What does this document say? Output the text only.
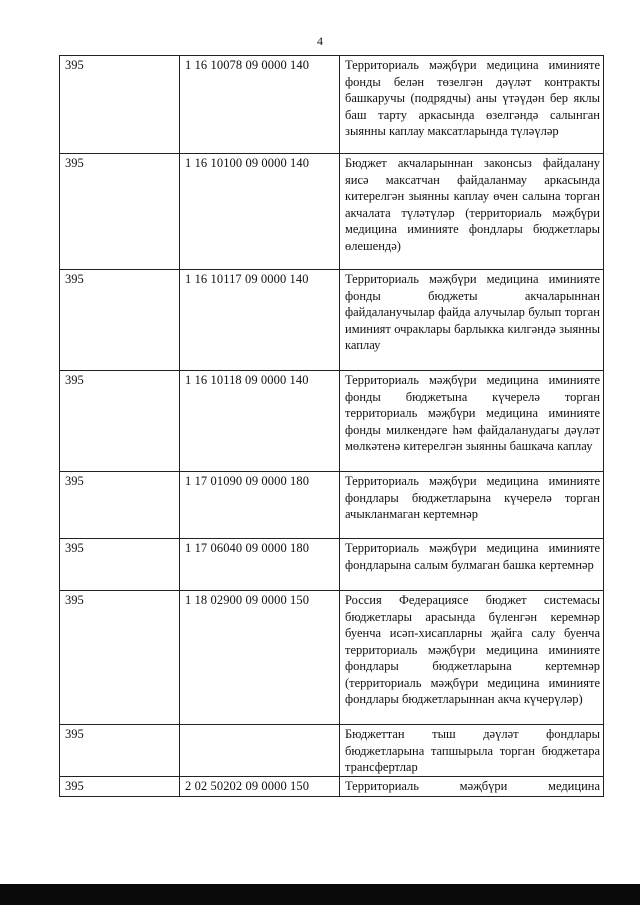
4
395	1 16 10078 09 0000 140	Территориаль мәҗбүри медицина иминияте фонды белән төзелгән дәүләт контракты башкаручы (подрядчы) аны үтәүдән бер яклы баш тарту аркасында өзелгәндә салынган зыянны каплау максатларында түләүләр
395	1 16 10100 09 0000 140	Бюджет акчаларыннан законсыз файдалану яисә максатчан файдаланмау аркасында китерелгән зыянны каплау өчен салына торган акчалата түләтүләр (территориаль мәҗбүри медицина иминияте фондлары бюджетлары өлешендә)
395	1 16 10117 09 0000 140	Территориаль мәҗбүри медицина иминияте фонды бюджеты акчаларыннан файдаланучылар файда алучылар булып торган иминият очраклары барлыкка килгәндә зыянны каплау
395	1 16 10118 09 0000 140	Территориаль мәҗбүри медицина иминияте фонды бюджетына күчерелә торган территориаль мәҗбүри медицина иминияте фонды милкендәге һәм файдаланудагы дәүләт мөлкәтенә китерелгән зыянны башкача каплау
395	1 17 01090 09 0000 180	Территориаль мәҗбүри медицина иминияте фондлары бюджетларына күчерелә торган ачыкланмаган кертемнәр
395	1 17 06040 09 0000 180	Территориаль мәҗбүри медицина иминияте фондларына салым булмаган башка кертемнәр
395	1 18 02900 09 0000 150	Россия Федерациясе бюджет системасы бюджетлары арасында бүленгән керемнәр буенча исәп-хисапларны җайга салу буенча территориаль мәҗбүри медицина иминияте фондлары бюджетларына кертемнәр (территориаль мәҗбүри медицина иминияте фондлары бюджетларыннан акча күчерүләр)
395		Бюджеттан тыш дәүләт фондлары бюджетларына тапшырыла торган бюджетара трансфертлар
395	2 02 50202 09 0000 150	Территориаль мәҗбүри медицина
